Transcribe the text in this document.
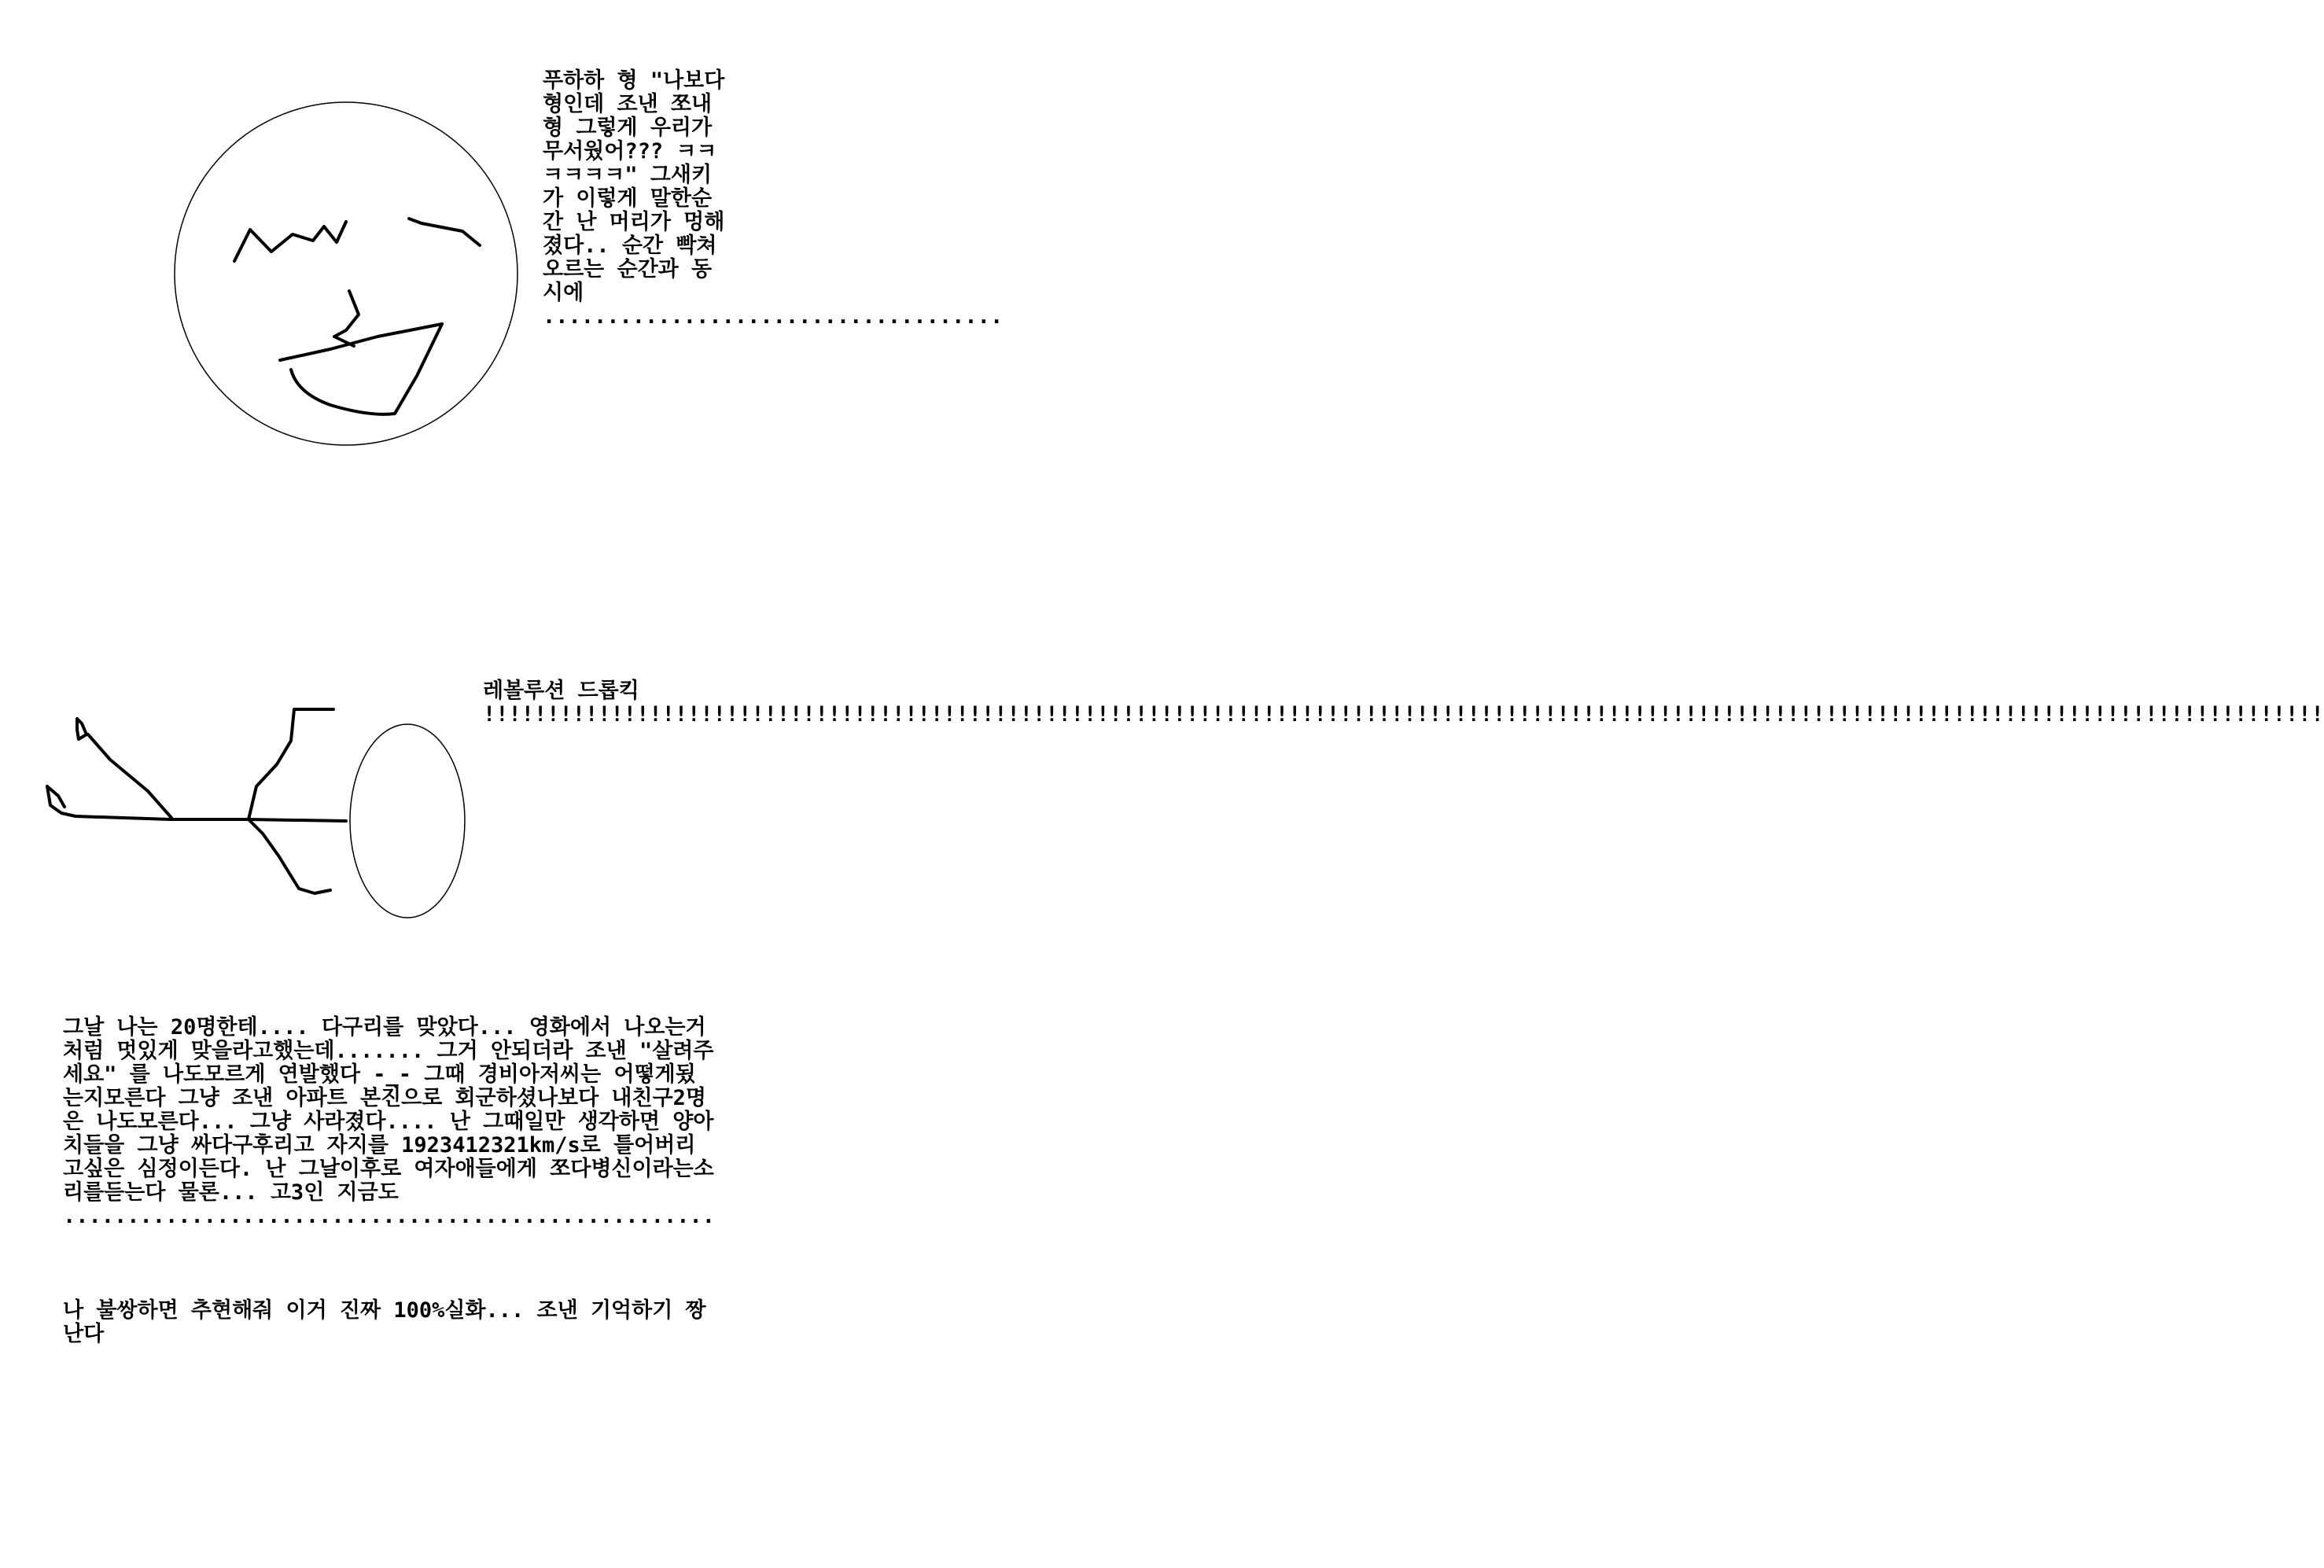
푸하하 형 "나보다 형인데 조낸 쪼내 형 그렇게 우리가 무서웠어??? ㅋㅋㅋㅋㅋㅋ" 그새키가 이렇게 말한순간 난 머리가 멍해졌다.. 순간 빡쳐오르는 순간과 동시에 ....................................

레볼루션 드롭킥 !!!!!!!!!!!!!!!!!!!!!!!!!!!!!!!!!!!!!!!!!!!!!!!!!!!!!!!!!!!!!!!!!!!!!!!!!!!!!!!!!!!!!!!!!!!!!!!!!!!!!!!!!!!!!!!!!!!!!!!!!!!!!!!!!!!!!!!!!!!!!!!!

그날 나는 20명한테.... 다구리를 맞았다... 영화에서 나오는거처럼 멋있게 맞을라고했는데....... 그거 안되더라 조낸 "살려주세요" 를 나도모르게 연발했다 -_- 그때 경비아저씨는 어떻게됬는지모른다 그냥 조낸 아파트 본진으로 회군하셨나보다 내친구2명은 나도모른다... 그냥 사라졌다.... 난 그때일만 생각하면 양아치들을 그냥 싸다구후리고 자지를 1923412321km/s로 틀어버리고싶은 심정이든다. 난 그날이후로 여자애들에게 쪼다병신이라는소리를듣는다 물론... 고3인 지금도 ...................................................

나 불쌍하면 추현해줘 이거 진짜 100%실화... 조낸 기억하기 짱난다
